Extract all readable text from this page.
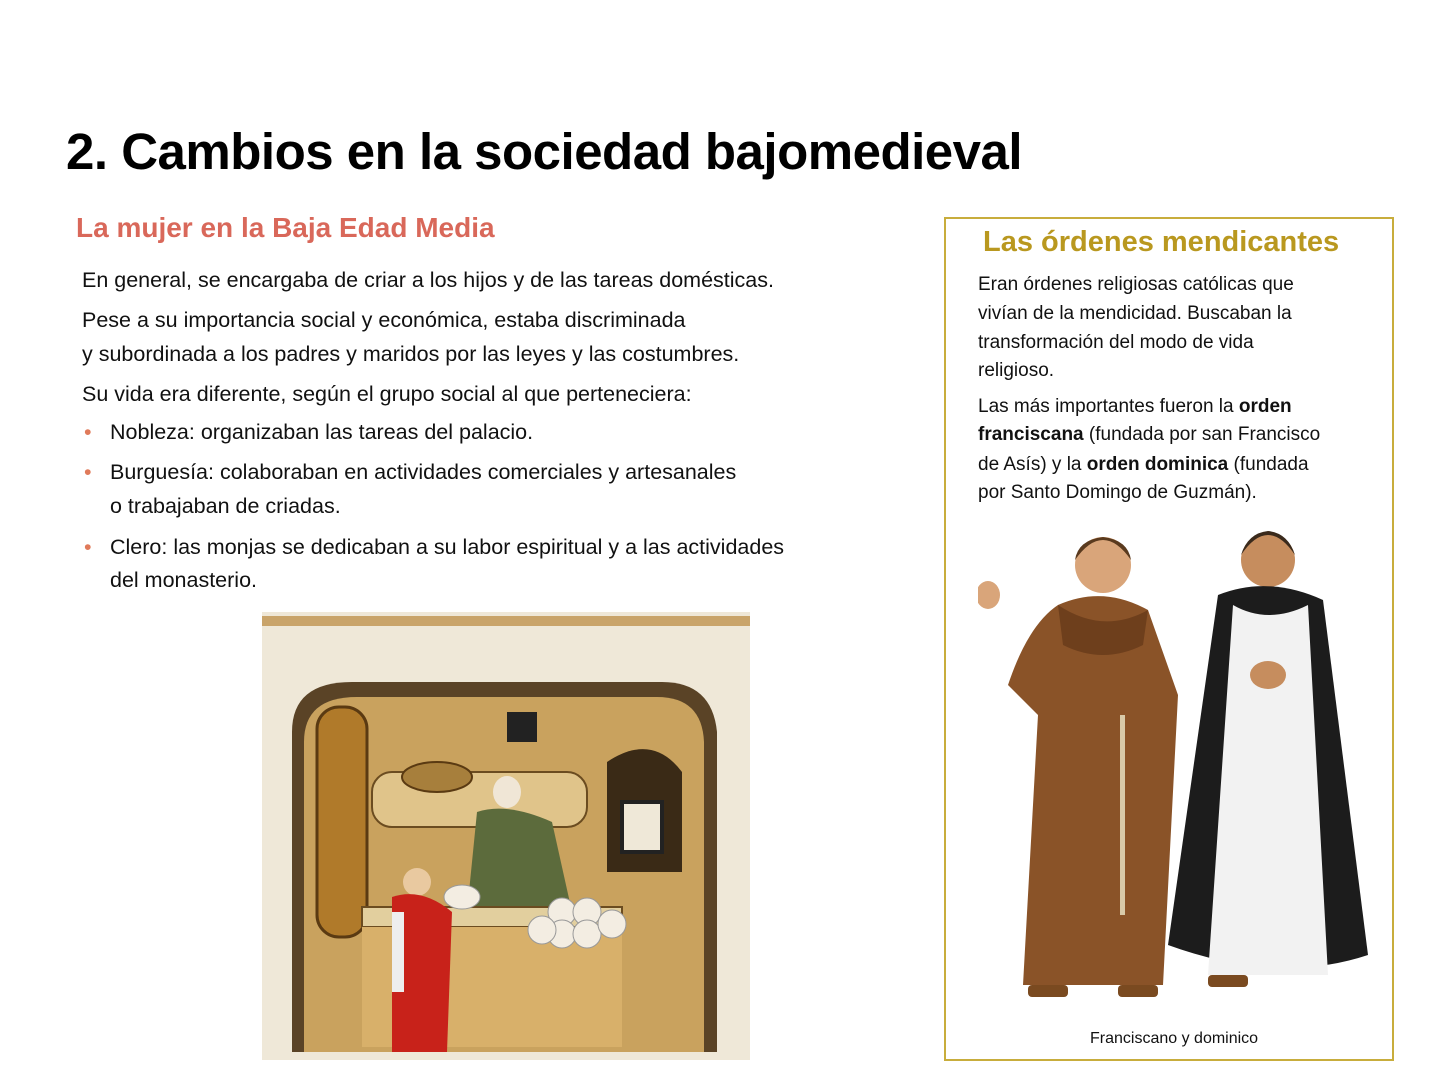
2. Cambios en la sociedad bajomedieval
La mujer en la Baja Edad Media
En general, se encargaba de criar a los hijos y de las tareas domésticas.
Pese a su importancia social y económica, estaba discriminada
y subordinada a los padres y maridos por las leyes y las costumbres.
Su vida era diferente, según el grupo social al que perteneciera:
• Nobleza: organizaban las tareas del palacio.
• Burguesía: colaboraban en actividades comerciales y artesanales
o trabajaban de criadas.
• Clero: las monjas se dedicaban a su labor espiritual y a las actividades
del monasterio.
Las órdenes mendicantes
Eran órdenes religiosas católicas que
vivían de la mendicidad. Buscaban la
transformación del modo de vida
religioso.
Las más importantes fueron la orden
franciscana (fundada por san Francisco
de Asís) y la orden dominica (fundada
por Santo Domingo de Guzmán).
Franciscano y dominico
